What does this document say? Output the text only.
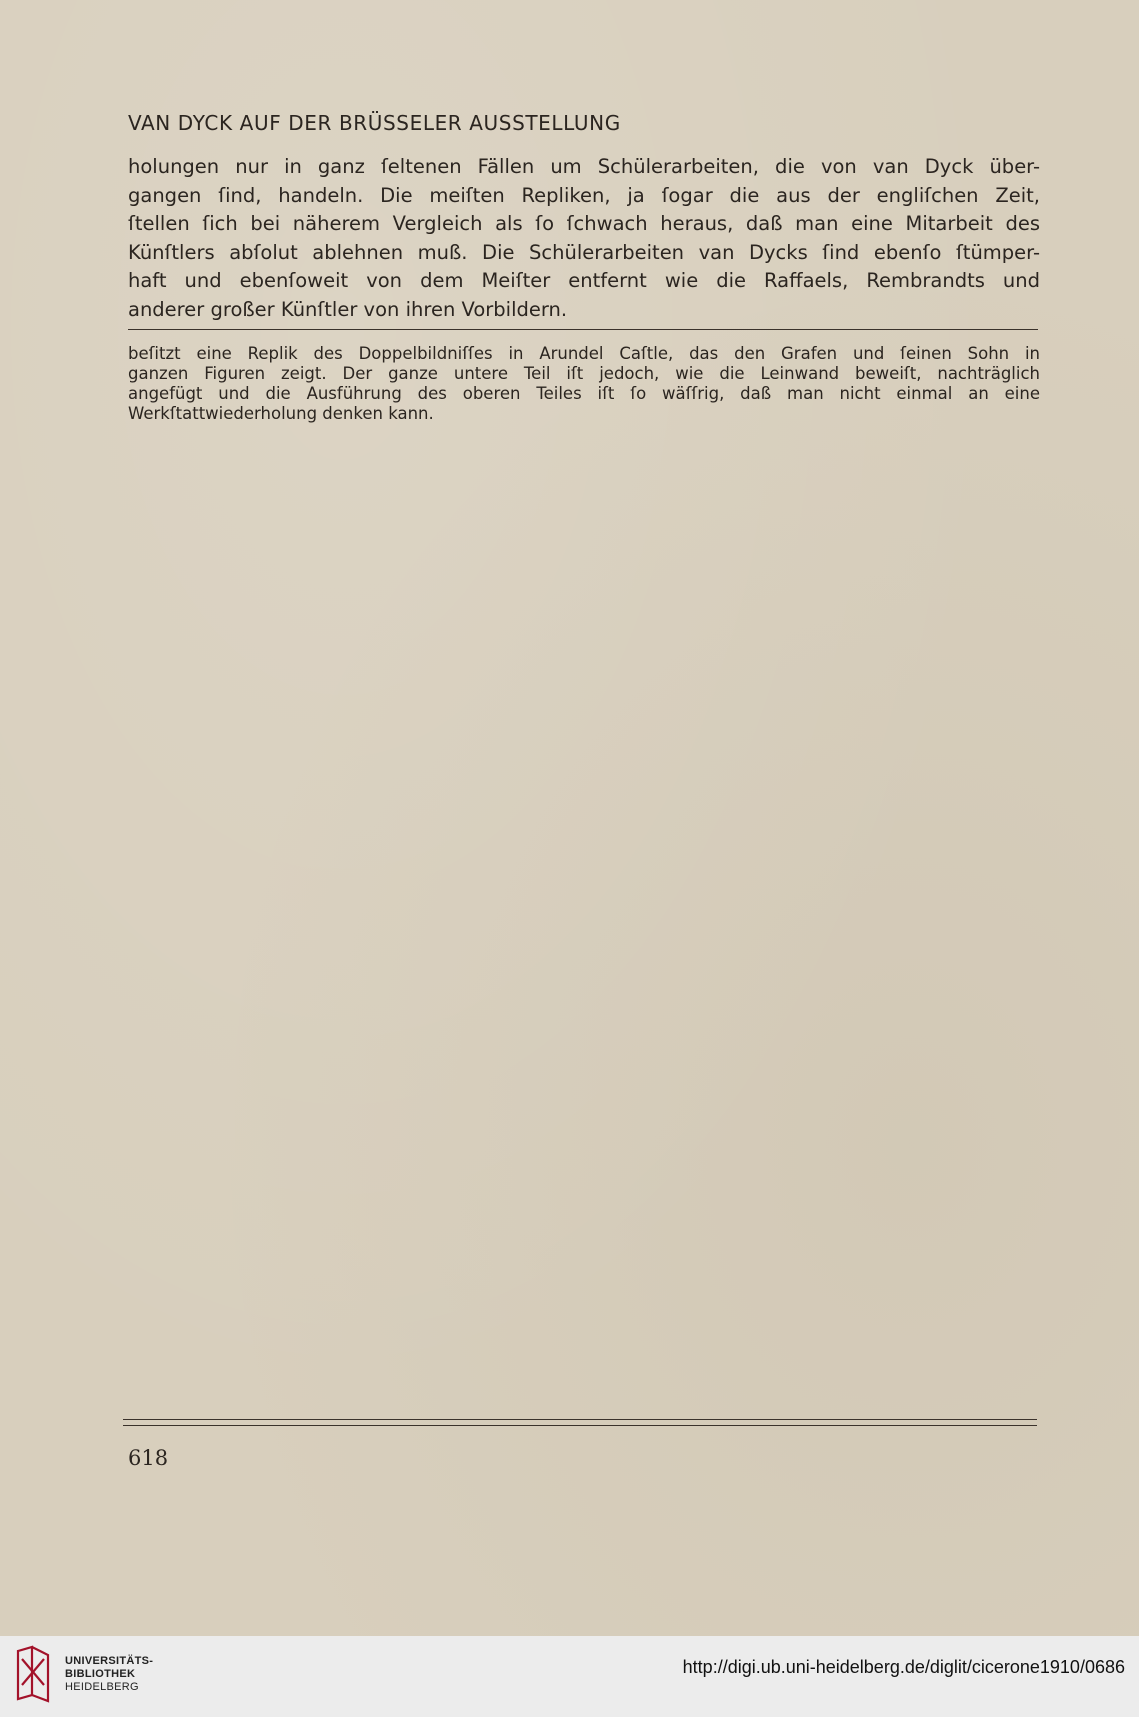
VAN DYCK AUF DER BRÜSSELER AUSSTELLUNG

holungen nur in ganz ſeltenen Fällen um Schülerarbeiten, die von van Dyck über-
gangen ſind, handeln. Die meiſten Repliken, ja ſogar die aus der engliſchen Zeit,
ſtellen ſich bei näherem Vergleich als ſo ſchwach heraus, daß man eine Mitarbeit des
Künſtlers abſolut ablehnen muß. Die Schülerarbeiten van Dycks ſind ebenſo ſtümper-
haft und ebenſoweit von dem Meiſter entfernt wie die Raffaels, Rembrandts und
anderer großer Künſtler von ihren Vorbildern.

beſitzt eine Replik des Doppelbildniſſes in Arundel Caſtle, das den Grafen und ſeinen Sohn in
ganzen Figuren zeigt. Der ganze untere Teil iſt jedoch, wie die Leinwand beweiſt, nachträglich
angefügt und die Ausführung des oberen Teiles iſt ſo wäſſrig, daß man nicht einmal an eine
Werkſtattwiederholung denken kann.

618
UNIVERSITÄTS-
BIBLIOTHEK
HEIDELBERG
http://digi.ub.uni-heidelberg.de/diglit/cicerone1910/0686
